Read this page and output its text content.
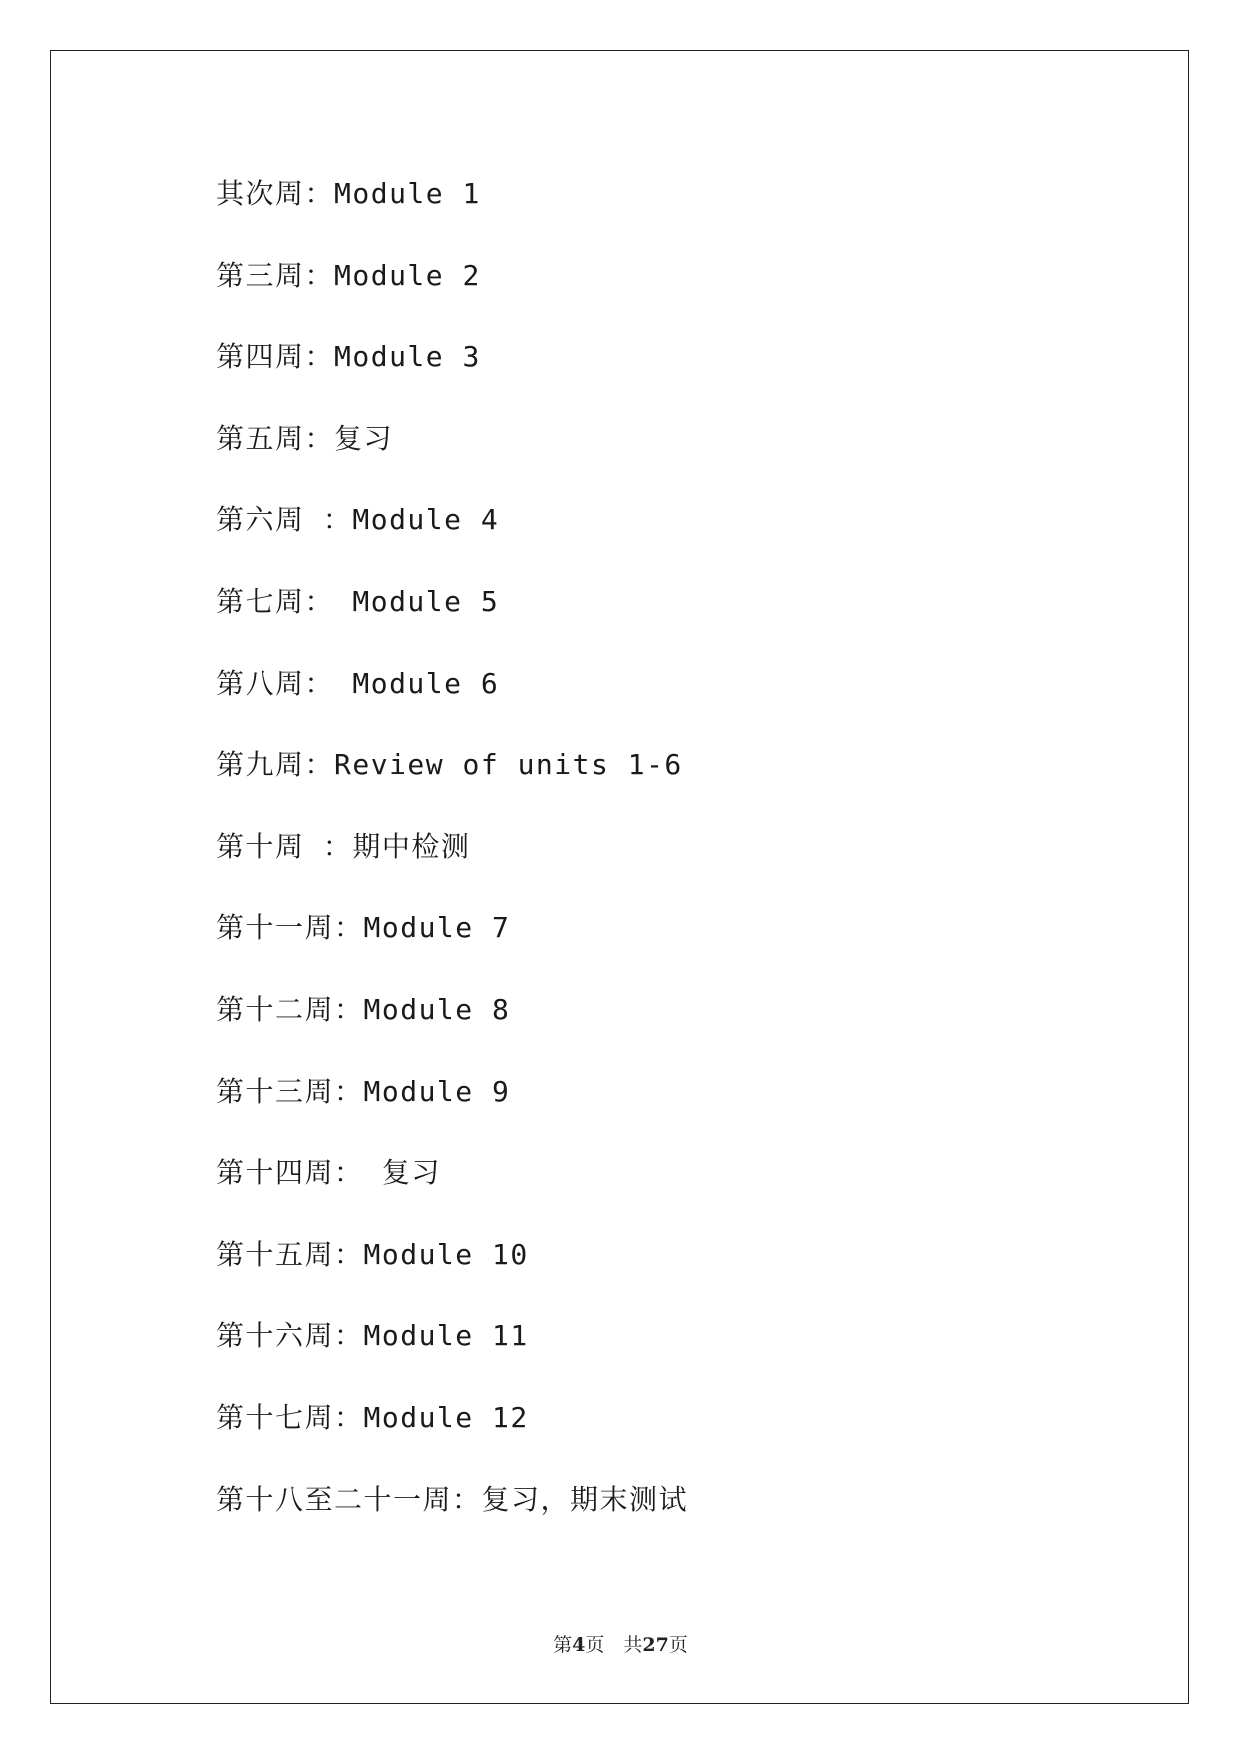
其次周：Module 1
第三周：Module 2
第四周：Module 3
第五周：复习
第六周 ：Module 4
第七周： Module 5
第八周： Module 6
第九周：Review of units 1-6
第十周 ：期中检测
第十一周：Module 7
第十二周：Module 8
第十三周：Module 9
第十四周： 复习
第十五周：Module 10
第十六周：Module 11
第十七周：Module 12
第十八至二十一周：复习，期末测试
第4页　共27页
